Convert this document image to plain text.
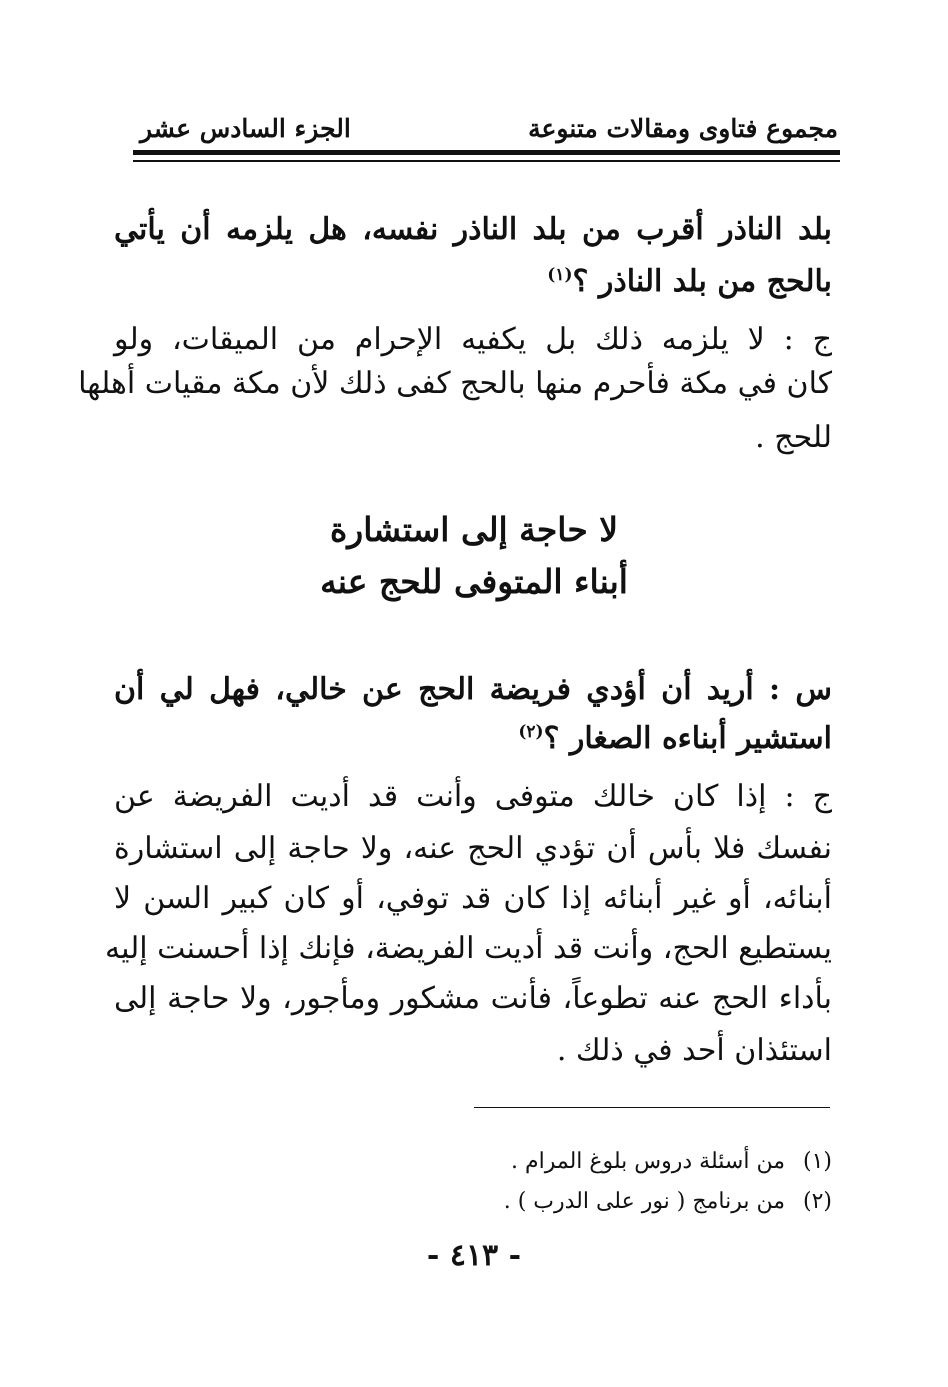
مجموع فتاوى ومقالات متنوعة
الجزء السادس عشر
بلد الناذر أقرب من بلد الناذر نفسه، هل يلزمه أن يأتي
بالحج من بلد الناذر ؟$^{(١)}$
ج : لا يلزمه ذلك بل يكفيه الإحرام من الميقات، ولو
كان في مكة فأحرم منها بالحج كفى ذلك لأن مكة مقيات أهلها
للحج .
لا حاجة إلى استشارة
أبناء المتوفى للحج عنه
س : أريد أن أؤدي فريضة الحج عن خالي، فهل لي أن
استشير أبناءه الصغار ؟$^{(٢)}$
ج : إذا كان خالك متوفى وأنت قد أديت الفريضة عن
نفسك فلا بأس أن تؤدي الحج عنه، ولا حاجة إلى استشارة
أبنائه، أو غير أبنائه إذا كان قد توفي، أو كان كبير السن لا
يستطيع الحج، وأنت قد أديت الفريضة، فإنك إذا أحسنت إليه
بأداء الحج عنه تطوعاً، فأنت مشكور ومأجور، ولا حاجة إلى
استئذان أحد في ذلك .
(١)من أسئلة دروس بلوغ المرام .
(٢)من برنامج ( نور على الدرب ) .
- ٤١٣ -
